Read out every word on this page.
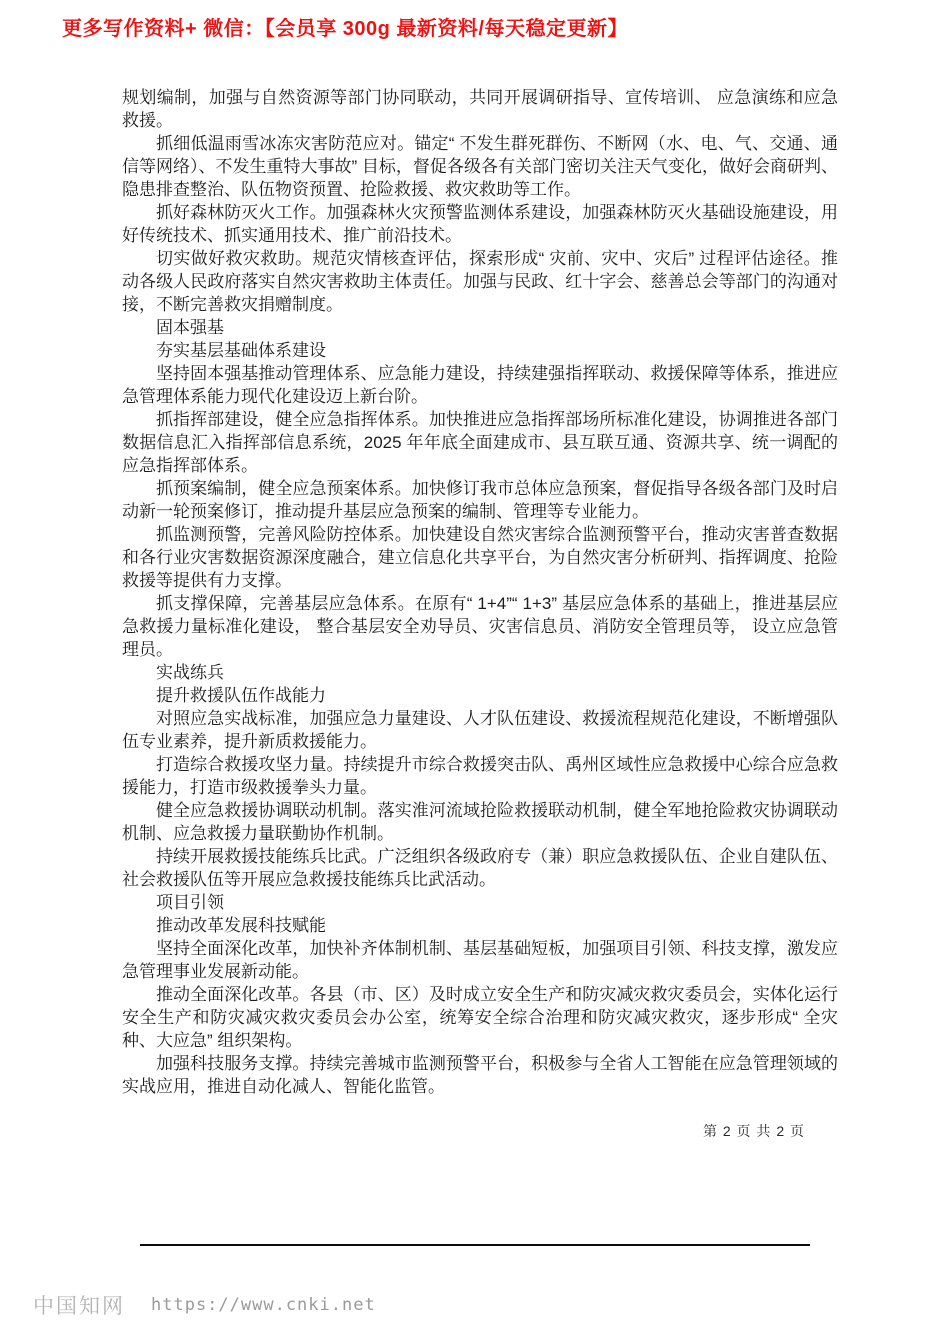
更多写作资料+ 微信：【会员享 300g 最新资料/每天稳定更新】

规划编制，加强与自然资源等部门协同联动，共同开展调研指导、宣传培训、 应急演练和应急救援。

抓细低温雨雪冰冻灾害防范应对。锚定“ 不发生群死群伤、不断网（水、电、气、交通、通信等网络）、不发生重特大事故” 目标，督促各级各有关部门密切关注天气变化，做好会商研判、隐患排查整治、队伍物资预置、抢险救援、救灾救助等工作。

抓好森林防灭火工作。加强森林火灾预警监测体系建设，加强森林防灭火基础设施建设，用好传统技术、抓实通用技术、推广前沿技术。

切实做好救灾救助。规范灾情核查评估，探索形成“ 灾前、灾中、灾后” 过程评估途径。推动各级人民政府落实自然灾害救助主体责任。加强与民政、红十字会、慈善总会等部门的沟通对接，不断完善救灾捐赠制度。

固本强基

夯实基层基础体系建设

坚持固本强基推动管理体系、应急能力建设，持续建强指挥联动、救援保障等体系，推进应急管理体系能力现代化建设迈上新台阶。

抓指挥部建设，健全应急指挥体系。加快推进应急指挥部场所标准化建设，协调推进各部门数据信息汇入指挥部信息系统，2025 年年底全面建成市、县互联互通、资源共享、统一调配的应急指挥部体系。

抓预案编制，健全应急预案体系。加快修订我市总体应急预案，督促指导各级各部门及时启动新一轮预案修订，推动提升基层应急预案的编制、管理等专业能力。

抓监测预警，完善风险防控体系。加快建设自然灾害综合监测预警平台，推动灾害普查数据和各行业灾害数据资源深度融合，建立信息化共享平台，为自然灾害分析研判、指挥调度、抢险救援等提供有力支撑。

抓支撑保障，完善基层应急体系。在原有“ 1+4”“ 1+3” 基层应急体系的基础上，推进基层应急救援力量标准化建设， 整合基层安全劝导员、灾害信息员、消防安全管理员等， 设立应急管理员。

实战练兵

提升救援队伍作战能力

对照应急实战标准，加强应急力量建设、人才队伍建设、救援流程规范化建设，不断增强队伍专业素养，提升新质救援能力。

打造综合救援攻坚力量。持续提升市综合救援突击队、禹州区域性应急救援中心综合应急救援能力，打造市级救援拳头力量。

健全应急救援协调联动机制。落实淮河流域抢险救援联动机制，健全军地抢险救灾协调联动机制、应急救援力量联勤协作机制。

持续开展救援技能练兵比武。广泛组织各级政府专（兼）职应急救援队伍、企业自建队伍、社会救援队伍等开展应急救援技能练兵比武活动。

项目引领

推动改革发展科技赋能

坚持全面深化改革，加快补齐体制机制、基层基础短板，加强项目引领、科技支撑，激发应急管理事业发展新动能。

推动全面深化改革。各县（市、区）及时成立安全生产和防灾减灾救灾委员会，实体化运行安全生产和防灾减灾救灾委员会办公室，统筹安全综合治理和防灾减灾救灾，逐步形成“ 全灾种、大应急” 组织架构。

加强科技服务支撑。持续完善城市监测预警平台，积极参与全省人工智能在应急管理领域的实战应用，推进自动化减人、智能化监管。

第 2 页 共 2 页
中国知网 https://www.cnki.net
